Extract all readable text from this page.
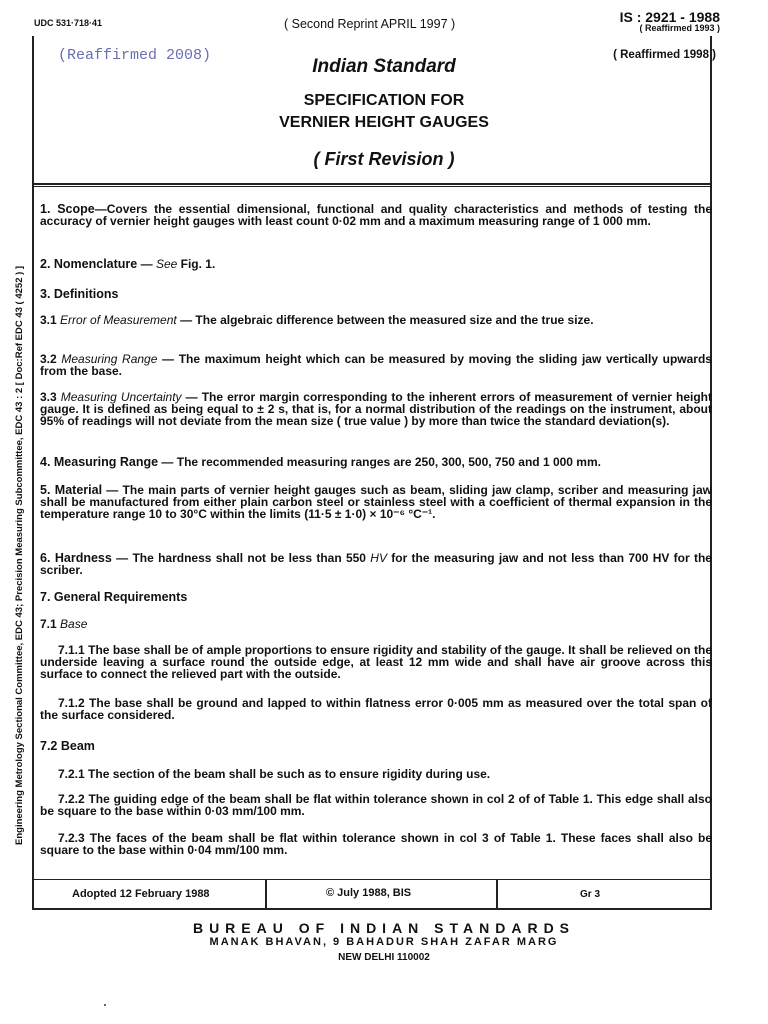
UDC 531·718·41	( Second Reprint APRIL 1997 )	IS : 2921 - 1988
( Reaffirmed 1993 )
( Reaffirmed 1998 )
(Reaffirmed 2008)
Indian Standard
SPECIFICATION FOR
VERNIER HEIGHT GAUGES
( First Revision )
Engineering Metrology Sectional Committee, EDC 43; Precision Measuring Subcommittee, EDC 43 : 2 [ Doc:Ref EDC 43 ( 4252 ) ]

1. Scope—Covers the essential dimensional, functional and quality characteristics and methods of testing the accuracy of vernier height gauges with least count 0·02 mm and a maximum measuring range of 1 000 mm.

2. Nomenclature — See Fig. 1.

3. Definitions

3.1 Error of Measurement — The algebraic difference between the measured size and the true size.

3.2 Measuring Range — The maximum height which can be measured by moving the sliding jaw vertically upwards from the base.

3.3 Measuring Uncertainty — The error margin corresponding to the inherent errors of measurement of vernier height gauge. It is defined as being equal to ± 2 s, that is, for a normal distribution of the readings on the instrument, about 95% of readings will not deviate from the mean size ( true value ) by more than twice the standard deviation(s).

4. Measuring Range — The recommended measuring ranges are 250, 300, 500, 750 and 1 000 mm.

5. Material — The main parts of vernier height gauges such as beam, sliding jaw clamp, scriber and measuring jaw shall be manufactured from either plain carbon steel or stainless steel with a coefficient of thermal expansion in the temperature range 10 to 30°C within the limits (11·5 ± 1·0) × 10⁻⁶ °C⁻¹.

6. Hardness — The hardness shall not be less than 550 HV for the measuring jaw and not less than 700 HV for the scriber.

7. General Requirements

7.1 Base

7.1.1 The base shall be of ample proportions to ensure rigidity and stability of the gauge. It shall be relieved on the underside leaving a surface round the outside edge, at least 12 mm wide and shall have air groove across this surface to connect the relieved part with the outside.

7.1.2 The base shall be ground and lapped to within flatness error 0·005 mm as measured over the total span of the surface considered.

7.2 Beam

7.2.1 The section of the beam shall be such as to ensure rigidity during use.

7.2.2 The guiding edge of the beam shall be flat within tolerance shown in col 2 of of Table 1. This edge shall also be square to the base within 0·03 mm/100 mm.

7.2.3 The faces of the beam shall be flat within tolerance shown in col 3 of Table 1. These faces shall also be square to the base within 0·04 mm/100 mm.

Adopted 12 February 1988	© July 1988, BIS	Gr 3
BUREAU OF INDIAN STANDARDS
MANAK BHAVAN, 9 BAHADUR SHAH ZAFAR MARG
NEW DELHI 110002
